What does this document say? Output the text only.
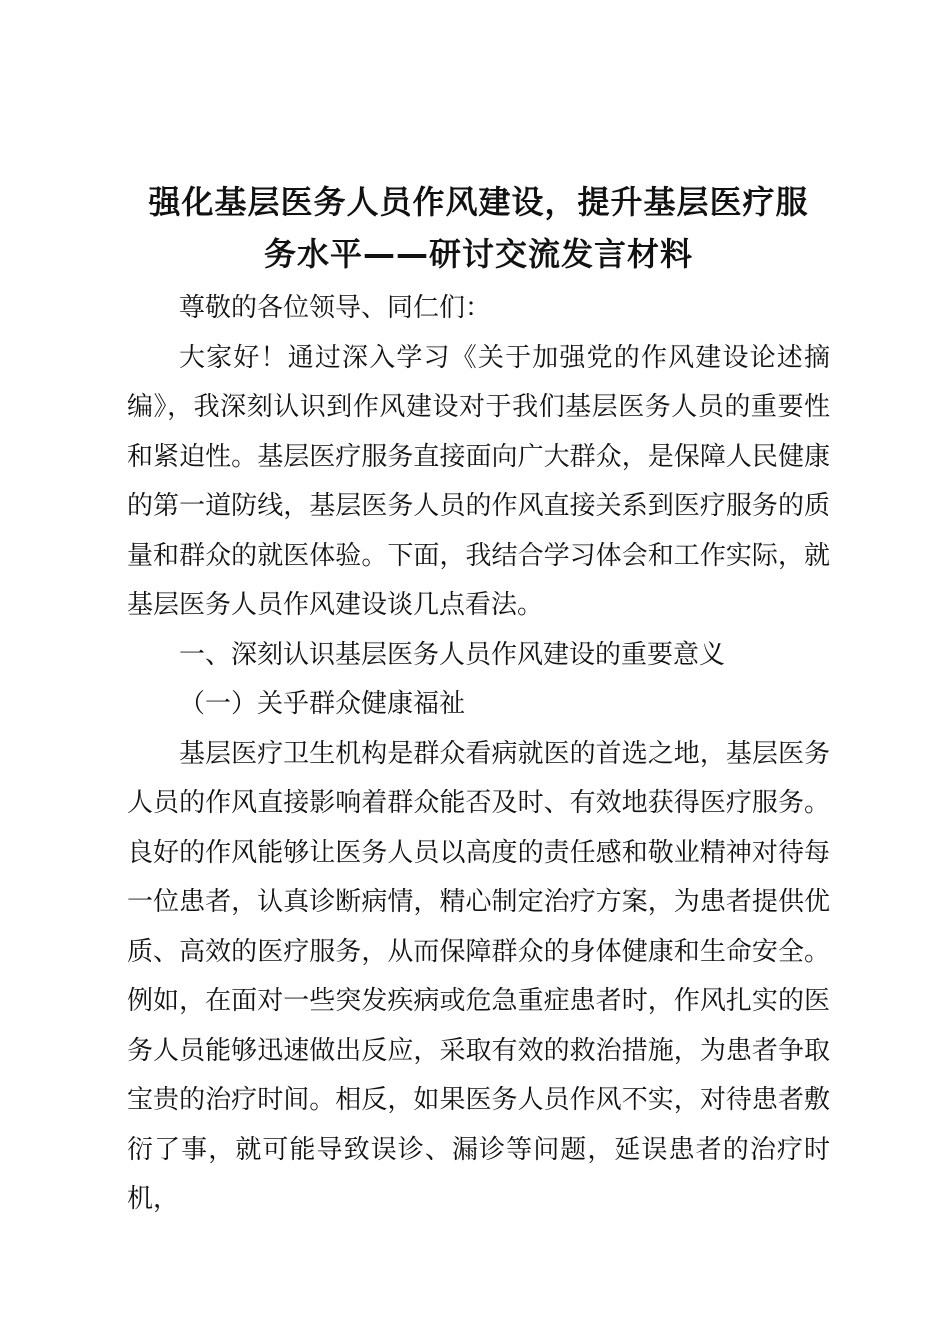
强化基层医务人员作风建设，提升基层医疗服
务水平——研讨交流发言材料

尊敬的各位领导、同仁们：

大家好！通过深入学习《关于加强党的作风建设论述摘编》，我深刻认识到作风建设对于我们基层医务人员的重要性和紧迫性。基层医疗服务直接面向广大群众，是保障人民健康的第一道防线，基层医务人员的作风直接关系到医疗服务的质量和群众的就医体验。下面，我结合学习体会和工作实际，就基层医务人员作风建设谈几点看法。

一、深刻认识基层医务人员作风建设的重要意义

（一）关乎群众健康福祉

基层医疗卫生机构是群众看病就医的首选之地，基层医务人员的作风直接影响着群众能否及时、有效地获得医疗服务。良好的作风能够让医务人员以高度的责任感和敬业精神对待每一位患者，认真诊断病情，精心制定治疗方案，为患者提供优质、高效的医疗服务，从而保障群众的身体健康和生命安全。例如，在面对一些突发疾病或危急重症患者时，作风扎实的医务人员能够迅速做出反应，采取有效的救治措施，为患者争取宝贵的治疗时间。相反，如果医务人员作风不实，对待患者敷衍了事，就可能导致误诊、漏诊等问题，延误患者的治疗时机，
